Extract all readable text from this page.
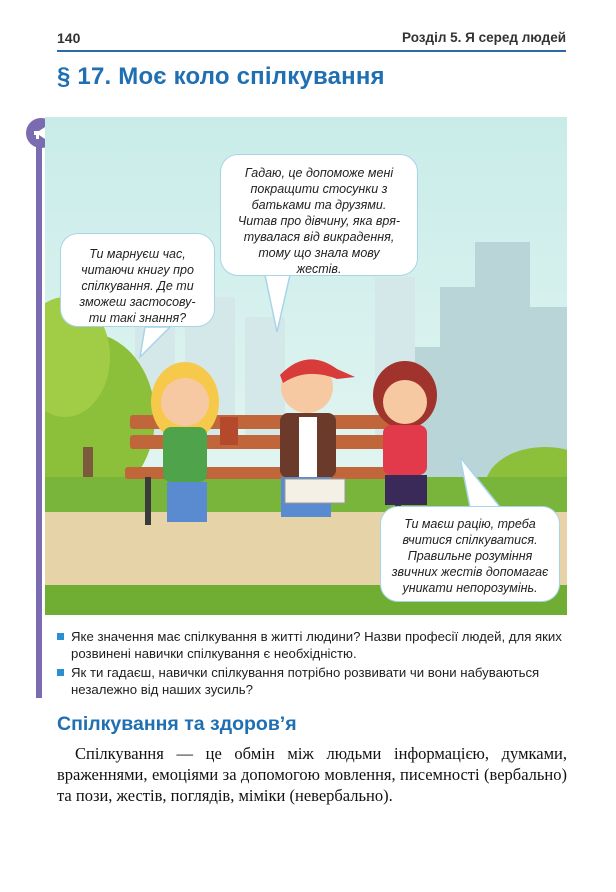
140	Розділ 5. Я серед людей
§ 17. Моє коло спілкування
Ти марнуєш час,
читаючи книгу про
спілкування. Де ти
зможеш застосову-
ти такі знання?
Гадаю, це допоможе мені
покращити стосунки з
батьками та друзями.
Читав про дівчину, яка вря-
тувалася від викрадення,
тому що знала мову
жестів.
Ти маєш рацію, треба
вчитися спілкуватися.
Правильне розуміння
звичних жестів допомагає
уникати непорозумінь.
Яке значення має спілкування в житті людини? Назви професії людей, для яких розвинені навички спілкування є необхідністю.
Як ти гадаєш, навички спілкування потрібно розвивати чи вони набуваються незалежно від наших зусиль?
Спілкування та здоров’я
Спілкування — це обмін між людьми інформацією, думками, враженнями, емоціями за допомогою мовлення, писемності (вербально) та пози, жестів, поглядів, міміки (невербально).
